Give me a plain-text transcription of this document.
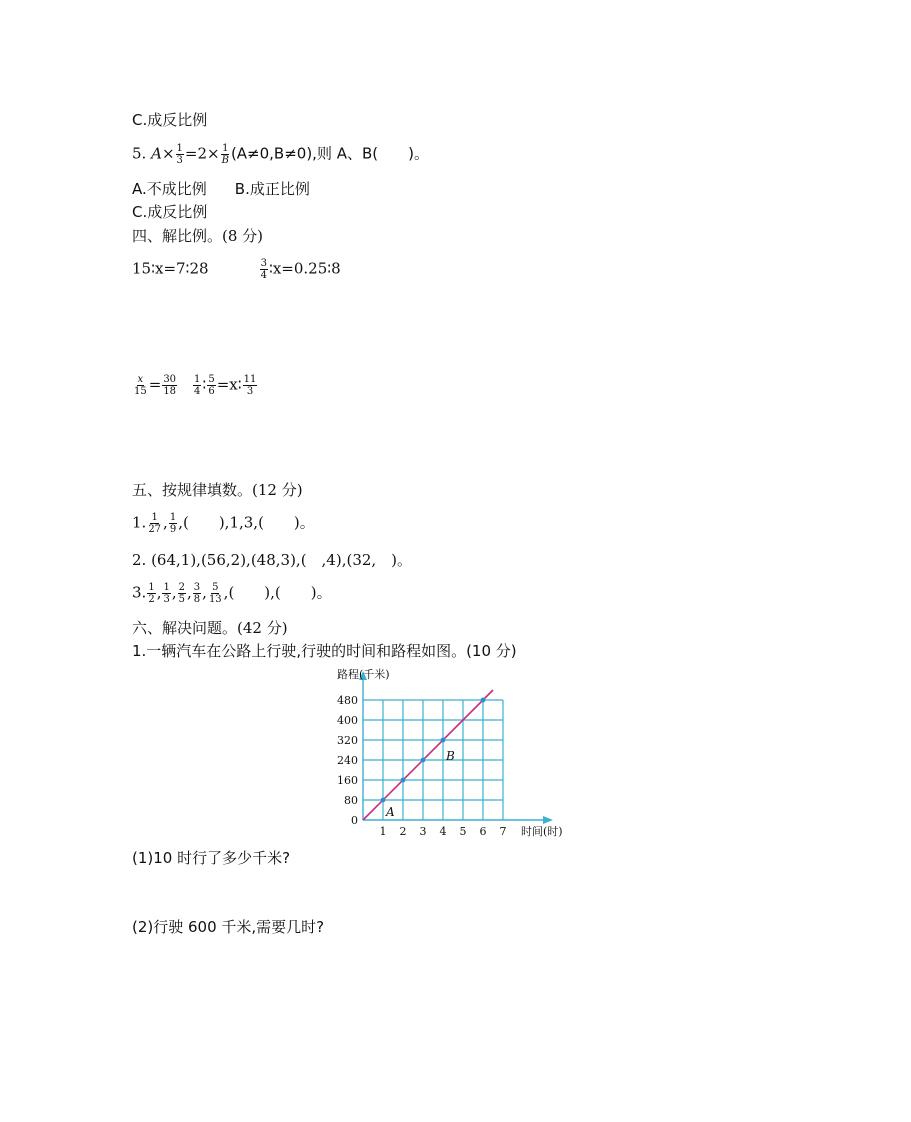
C.成反比例
5. $A\times \frac{1}{3} =2\times \frac{1}{B} (A\ne 0,B\ne 0)$,则 A、B(　　)。
A.不成比例 B.成正比例
C.成反比例
四、解比例。(8 分)
15∶x=7∶28	$\frac{3}{4}$ ∶x=0.25∶8
$\frac{x}{15} = \frac{30}{18} \frac{1}{4}$ ∶ $\frac{5}{6}$ =x∶ $\frac{11}{3}$
五、按规律填数。(12 分)
1. $\frac{1}{27}$ , $\frac{1}{9}$ ,(　　),1,3,(　　)。
2. (64,1),(56,2),(48,3),(　,4),(32,　)。
3. $\frac{1}{2}$ , $\frac{1}{3}$ , $\frac{2}{5}$ , $\frac{3}{8}$ , $\frac{5}{13}$ ,(　　),(　　)。
六、解决问题。(42 分)
1.一辆汽车在公路上行驶,行驶的时间和路程如图。(10 分)
1 2 3 4 5 6 7
80
160
240
320
400
480
0
路程(千米)
时间(时)
A
B
(1)10 时行了多少千米?
(2)行驶 600 千米,需要几时?
